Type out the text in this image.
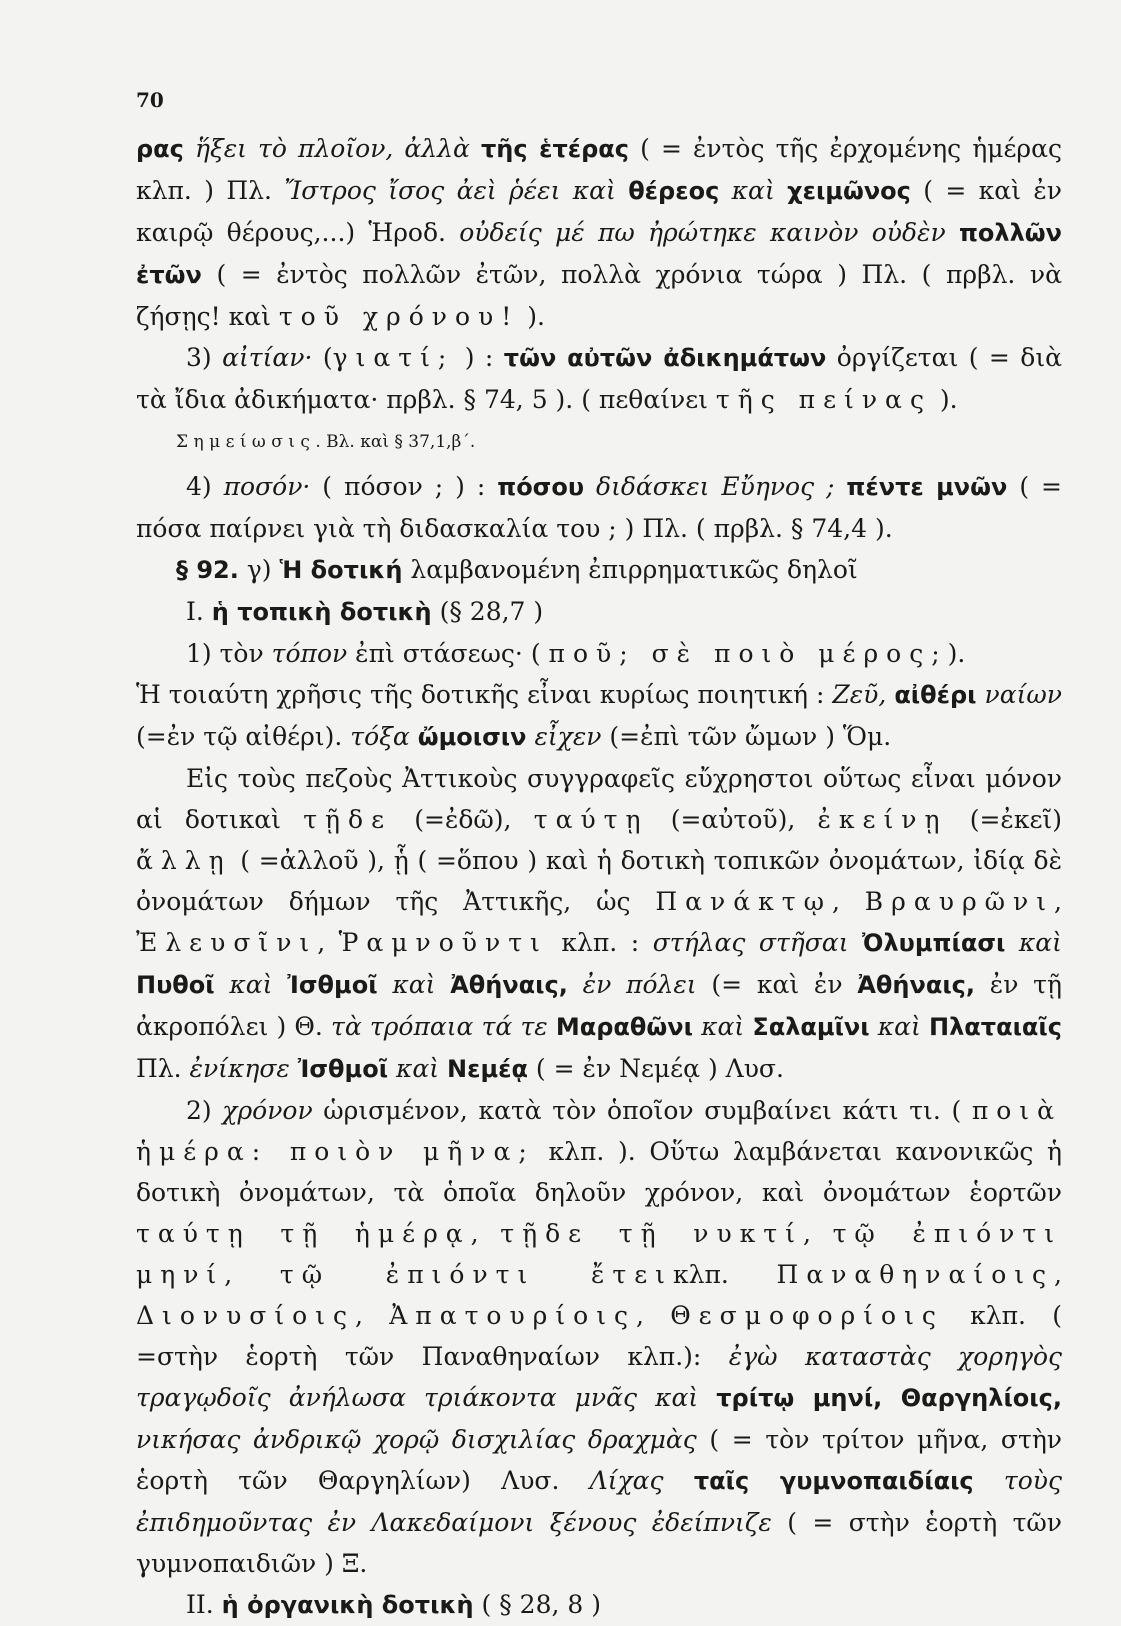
70

ρας ἥξει τὸ πλοῖον, ἀλλὰ τῆς ἑτέρας ( = ἐντὸς τῆς ἐρχομένης ἡμέρας κλπ. ) Πλ. Ἴστρος ἴσος ἀεὶ ῥέει καὶ θέρεος καὶ χειμῶνος ( = καὶ ἐν καιρῷ θέρους,...) Ἡροδ. οὐδείς μέ πω ἠρώτηκε καινὸν οὐδὲν πολλῶν ἐτῶν ( = ἐντὸς πολλῶν ἐτῶν, πολλὰ χρόνια τώρα ) Πλ. ( πρβλ. νὰ ζήσῃς! καὶ τοῦ χρόνου! ).

3) αἰτίαν· (γιατί; ) : τῶν αὐτῶν ἀδικημάτων ὀργίζεται ( = διὰ τὰ ἴδια ἀδικήματα· πρβλ. § 74, 5 ). ( πεθαίνει τῆς πείνας ).

Σημείωσις. Βλ. καὶ § 37,1,β΄.

4) ποσόν· ( πόσον ; ) : πόσου διδάσκει Εὔηνος ; πέντε μνῶν ( = πόσα παίρνει γιὰ τὴ διδασκαλία του ; ) Πλ. ( πρβλ. § 74,4 ).

§ 92. γ) Ἡ δοτική λαμβανομένη ἐπιρρηματικῶς δηλοῖ

I. ἡ τοπικὴ δοτικὴ (§ 28,7 )

1) τὸν τόπον ἐπὶ στάσεως· ( ποῦ; σὲ ποιὸ μέρος;).

Ἡ τοιαύτη χρῆσις τῆς δοτικῆς εἶναι κυρίως ποιητική : Ζεῦ, αἰθέρι ναίων (=ἐν τῷ αἰθέρι). τόξα ὤμοισιν εἶχεν (=ἐπὶ τῶν ὤμων ) Ὅμ.

Εἰς τοὺς πεζοὺς Ἀττικοὺς συγγραφεῖς εὔχρηστοι οὕτως εἶναι μόνον αἱ δοτικαὶ τῇδε (=ἐδῶ), ταύτῃ (=αὐτοῦ), ἐκείνῃ (=ἐκεῖ) ἄλλῃ ( =ἀλλοῦ ), ᾗ ( =ὅπου ) καὶ ἡ δοτικὴ τοπικῶν ὀνομάτων, ἰδίᾳ δὲ ὀνομάτων δήμων τῆς Ἀττικῆς, ὡς Πανάκτῳ, Βραυρῶνι, Ἐλευσῖνι, Ῥαμνοῦντι κλπ. : στήλας στῆσαι Ὀλυμπίασι καὶ Πυθοῖ καὶ Ἰσθμοῖ καὶ Ἀθήναις, ἐν πόλει (= καὶ ἐν Ἀθήναις, ἐν τῇ ἀκροπόλει ) Θ. τὰ τρόπαια τά τε Μαραθῶνι καὶ Σαλαμῖνι καὶ Πλαταιαῖς Πλ. ἐνίκησε Ἰσθμοῖ καὶ Νεμέᾳ ( = ἐν Νεμέᾳ ) Λυσ.

2) χρόνον ὡρισμένον, κατὰ τὸν ὁποῖον συμβαίνει κάτι τι. ( ποιὰ ἡμέρα: ποιὸν μῆνα; κλπ. ). Οὕτω λαμβάνεται κανονικῶς ἡ δοτικὴ ὀνομάτων, τὰ ὁποῖα δηλοῦν χρόνον, καὶ ὀνομάτων ἑορτῶν ταύτῃ τῇ ἡμέρᾳ, τῇδε τῇ νυκτί, τῷ ἐπιόντι μηνί, τῷ ἐπιόντι ἔτεικλπ. Παναθηναίοις, Διονυσίοις, Ἀπατουρίοις, Θεσμοφορίοις κλπ. ( =στὴν ἑορτὴ τῶν Παναθηναίων κλπ.): ἐγὼ καταστὰς χορηγὸς τραγῳδοῖς ἀνήλωσα τριάκοντα μνᾶς καὶ τρίτῳ μηνί, Θαργηλίοις, νικήσας ἀνδρικῷ χορῷ δισχιλίας δραχμὰς ( = τὸν τρίτον μῆνα, στὴν ἑορτὴ τῶν Θαργηλίων) Λυσ. Λίχας ταῖς γυμνοπαιδίαις τοὺς ἐπιδημοῦντας ἐν Λακεδαίμονι ξένους ἐδείπνιζε ( = στὴν ἑορτὴ τῶν γυμνοπαιδιῶν ) Ξ.

II. ἡ ὀργανικὴ δοτικὴ ( § 28, 8 )
